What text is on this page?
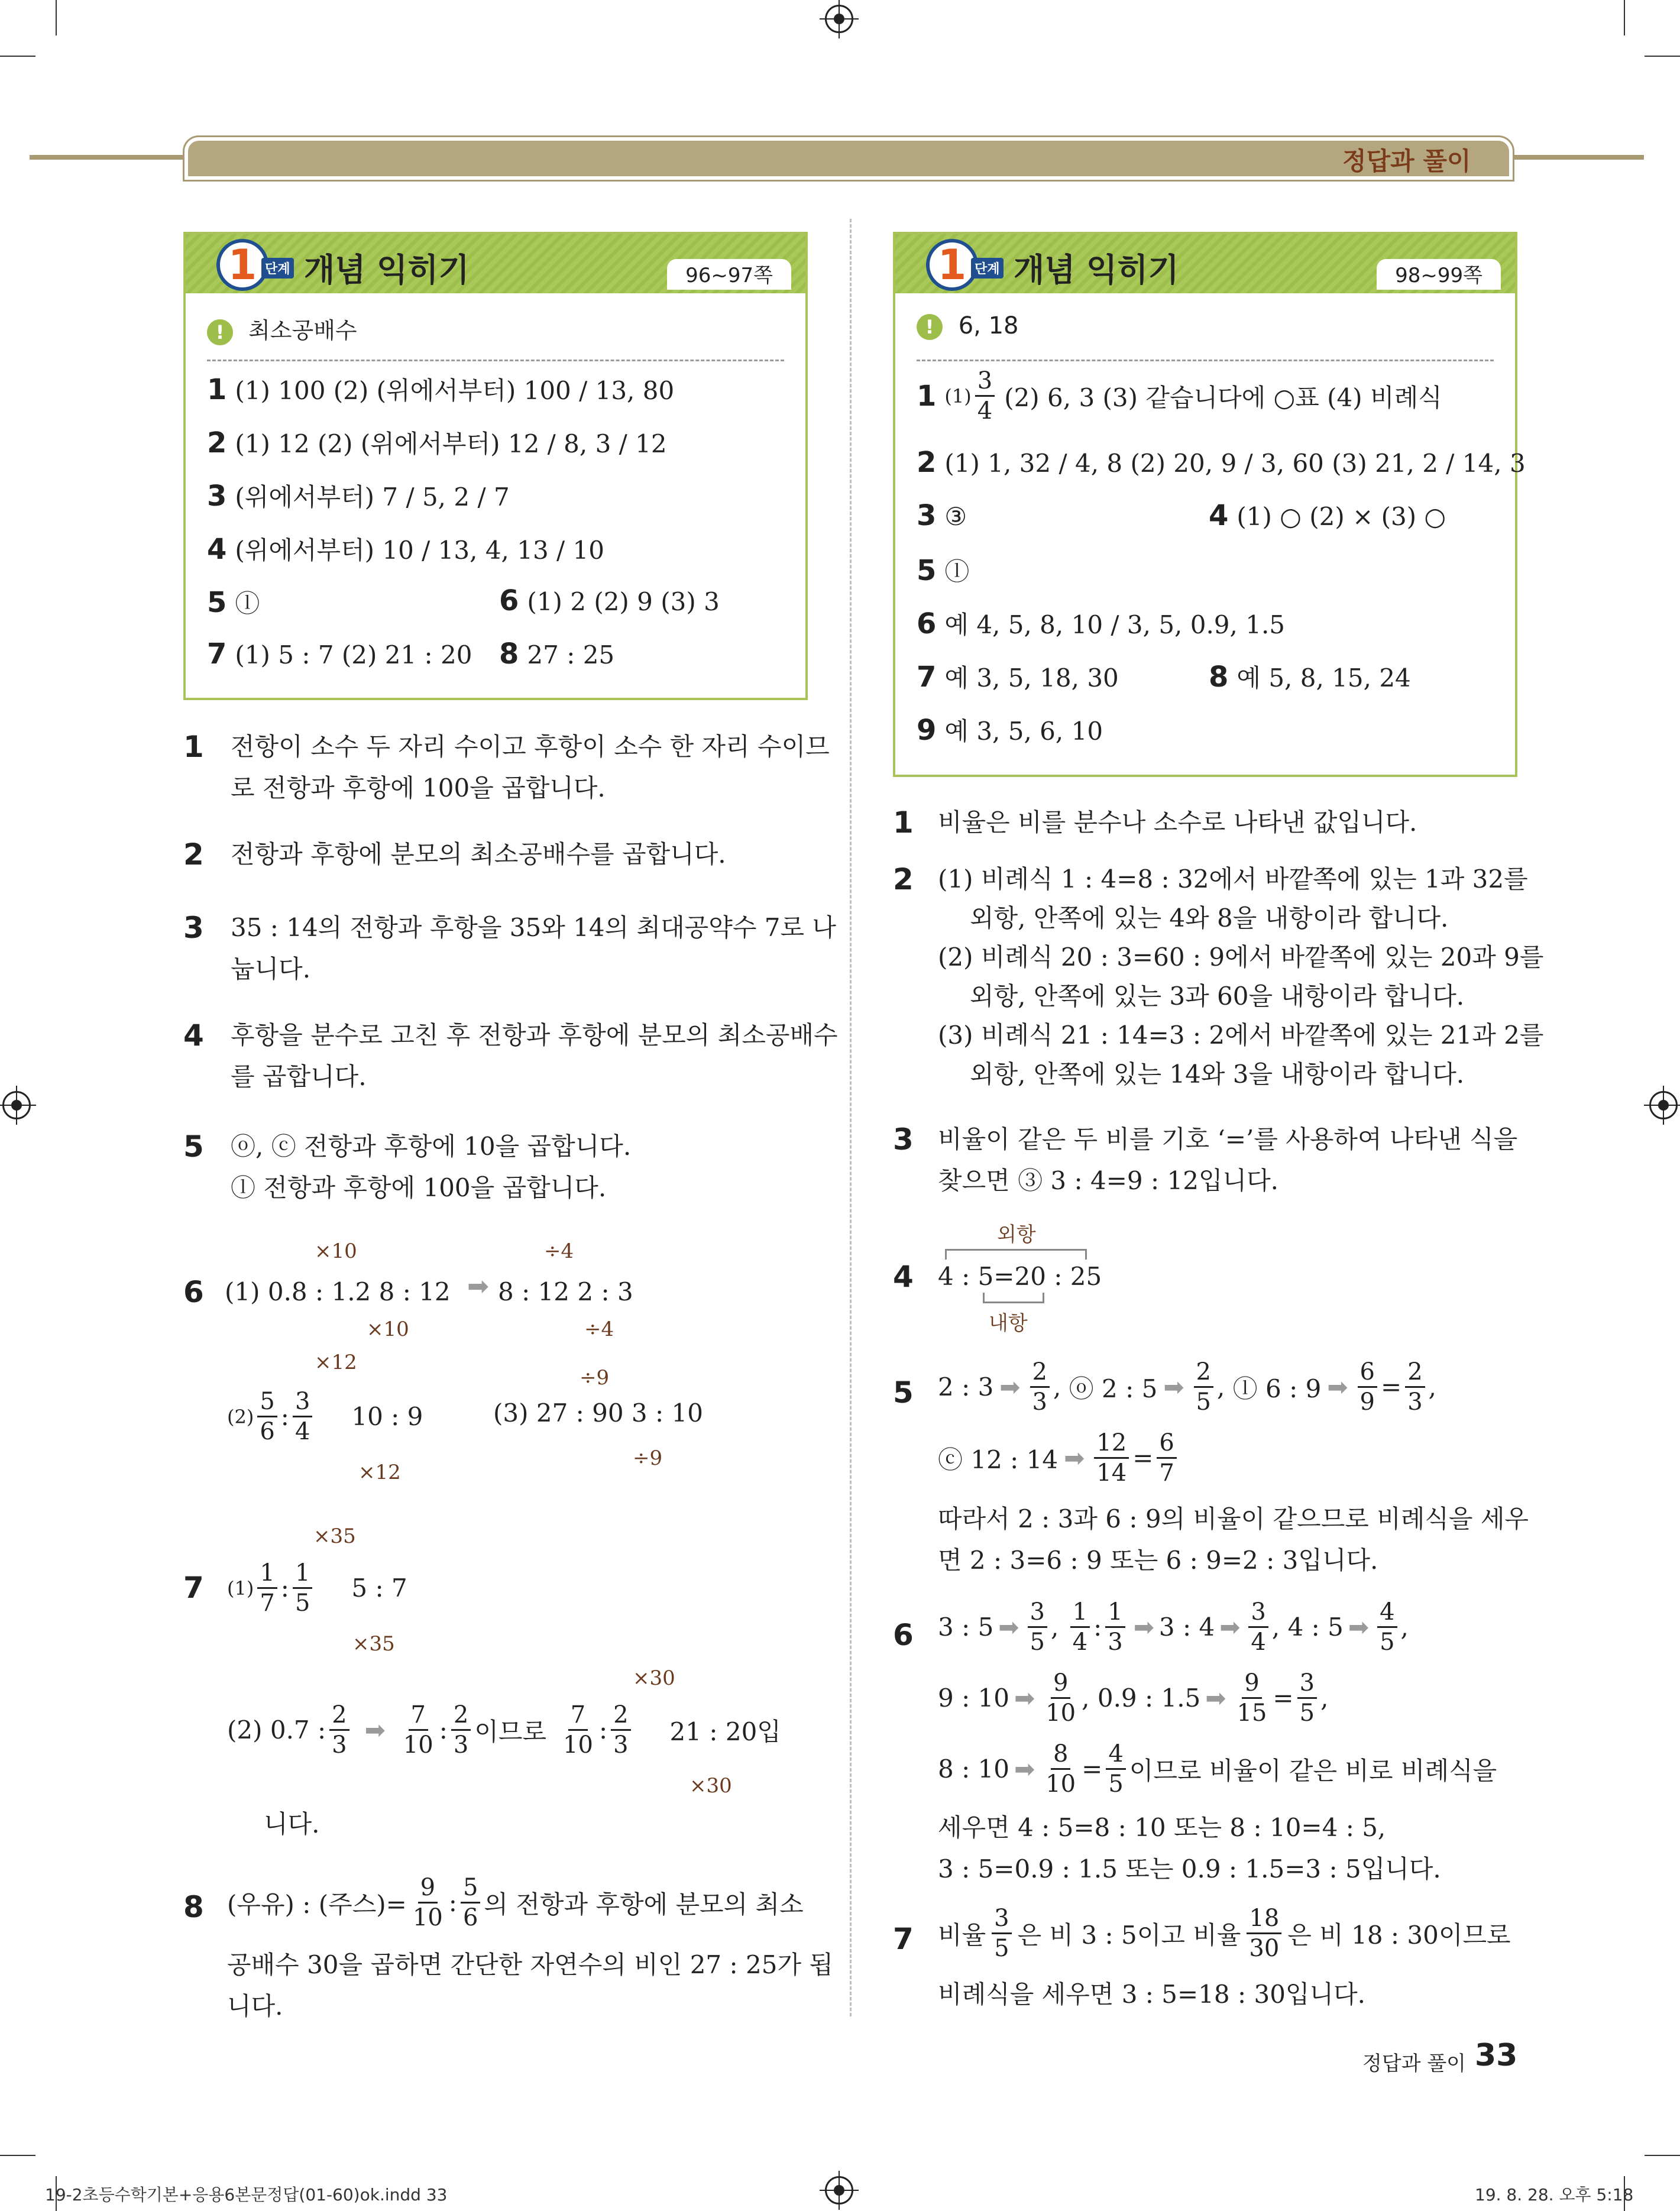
정답과 풀이
1 단계 개념 익히기	96~97쪽
! 최소공배수
1 (1) 100 (2) (위에서부터) 100 / 13, 80
2 (1) 12 (2) (위에서부터) 12 / 8, 3 / 12
3 (위에서부터) 7 / 5, 2 / 7
4 (위에서부터) 10 / 13, 4, 13 / 10
5 ⓛ	6 (1) 2 (2) 9 (3) 3
7 (1) 5 : 7 (2) 21 : 20 8 27 : 25
1 단계 개념 익히기	98~99쪽
! 6, 18
1 $(1) \frac{3}{4} (2)$ 6, 3 (3) 같습니다에 ○표 (4) 비례식
2 (1) 1, 32 / 4, 8 (2) 20, 9 / 3, 60 (3) 21, 2 / 14, 3
3 ③	4 (1) ○ (2) × (3) ○
5 ⓛ
6 예 4, 5, 8, 10 / 3, 5, 0.9, 1.5
7 예 3, 5, 18, 30	8 예 5, 8, 15, 24
9 예 3, 5, 6, 10
1 전항이 소수 두 자리 수이고 후항이 소수 한 자리 수이므
로 전항과 후항에 100을 곱합니다.
2 전항과 후항에 분모의 최소공배수를 곱합니다.
3 35 : 14의 전항과 후항을 35와 14의 최대공약수 7로 나
눕니다.
4 후항을 분수로 고친 후 전항과 후항에 분모의 최소공배수
를 곱합니다.
5 ⓞ, ⓒ 전항과 후항에 10을 곱합니다.
ⓛ 전항과 후항에 100을 곱합니다.
6 (1) 0.8 : 1.2 8 : 12 ➡ 8 : 12 2 : 3
×10
×10
÷4
÷4
$(2) \frac{5}{6}$ : $\frac{3}{4} 10$ : 9
×12
×12
(3) 27 : 90 3 : 10
÷9
÷9
7 $(1) \frac{1}{7}$ : $\frac{1}{5} 5$ : 7
×35
×35
(2) 0.7 : $\frac{2}{3}$ ➡ $\frac{7}{10}$ : $\frac{2}{3}$ 이므로 $\frac{7}{10}$ : $\frac{2}{3} 21$ : 20입
×30
×30
니다.
8 (우유) : (주스)= $\frac{9}{10}$ : $\frac{5}{6}$ 의 전항과 후항에 분모의 최소
공배수 30을 곱하면 간단한 자연수의 비인 27 : 25가 됩
니다.
1 비율은 비를 분수나 소수로 나타낸 값입니다.
2 (1) 비례식 1 : 4=8 : 32에서 바깥쪽에 있는 1과 32를
외항, 안쪽에 있는 4와 8을 내항이라 합니다.
(2) 비례식 20 : 3=60 : 9에서 바깥쪽에 있는 20과 9를
외항, 안쪽에 있는 3과 60을 내항이라 합니다.
(3) 비례식 21 : 14=3 : 2에서 바깥쪽에 있는 21과 2를
외항, 안쪽에 있는 14와 3을 내항이라 합니다.
3 비율이 같은 두 비를 기호 ‘=’를 사용하여 나타낸 식을
찾으면 ③ 3 : 4=9 : 12입니다.
4 4 : 5=20 : 25
외항
내항
5 2 : 3 ➡ $\frac{2}{3}$ , ⓞ 2 : 5 ➡ $\frac{2}{5}$ , ⓛ 6 : 9 ➡ $\frac{6}{9} = \frac{2}{3}$ ,
ⓒ 12 : 14 ➡ $\frac{12}{14} = \frac{6}{7}$
따라서 2 : 3과 6 : 9의 비율이 같으므로 비례식을 세우
면 2 : 3=6 : 9 또는 6 : 9=2 : 3입니다.
6 3 : 5 ➡ $\frac{3}{5}$ , $\frac{1}{4}$ : $\frac{1}{3}$ ➡ 3 : 4 ➡ $\frac{3}{4}$ , 4 : 5 ➡ $\frac{4}{5}$ ,
9 : 10 ➡ $\frac{9}{10}$ , 0.9 : 1.5 ➡ $\frac{9}{15} = \frac{3}{5}$ ,
8 : 10 ➡ $\frac{8}{10} = \frac{4}{5}$ 이므로 비율이 같은 비로 비례식을
세우면 4 : 5=8 : 10 또는 8 : 10=4 : 5,
3 : 5=0.9 : 1.5 또는 0.9 : 1.5=3 : 5입니다.
7 비율 $\frac{3}{5}$ 은 비 3 : 5이고 비율 $\frac{18}{30}$ 은 비 18 : 30이므로
비례식을 세우면 3 : 5=18 : 30입니다.
정답과 풀이 33
19-2초등수학기본+응용6본문정답(01-60)ok.indd 33	19. 8. 28. 오후 5:18
